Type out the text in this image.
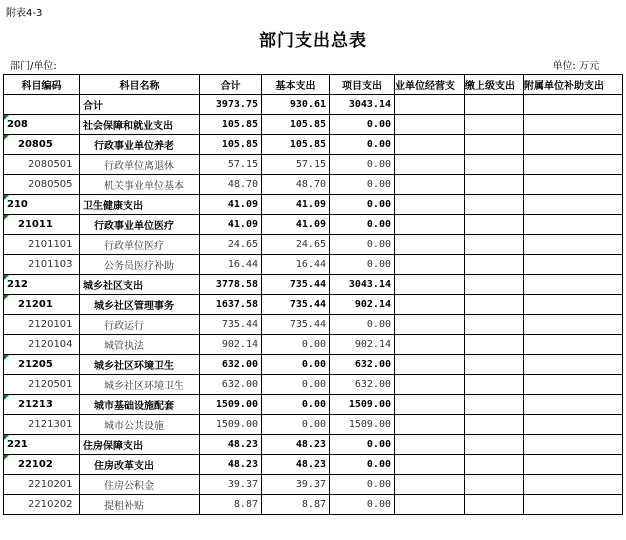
附表4-3
部门支出总表
部门/单位:	单位: 万元
科目编码	科目名称	合计	基本支出	项目支出	业单位经营支	缴上级支出	附属单位补助支出
	合计	3973.75	930.61	3043.14			

208	社会保障和就业支出	105.85	105.85	0.00			

20805	行政事业单位养老	105.85	105.85	0.00			
2080501	行政单位离退休	57.15	57.15	0.00			
2080505	机关事业单位基本	48.70	48.70	0.00			

210	卫生健康支出	41.09	41.09	0.00			

21011	行政事业单位医疗	41.09	41.09	0.00			
2101101	行政单位医疗	24.65	24.65	0.00			
2101103	公务员医疗补助	16.44	16.44	0.00			

212	城乡社区支出	3778.58	735.44	3043.14			

21201	城乡社区管理事务	1637.58	735.44	902.14			
2120101	行政运行	735.44	735.44	0.00			
2120104	城管执法	902.14	0.00	902.14			

21205	城乡社区环境卫生	632.00	0.00	632.00			
2120501	城乡社区环境卫生	632.00	0.00	632.00			

21213	城市基础设施配套	1509.00	0.00	1509.00			
2121301	城市公共设施	1509.00	0.00	1509.00			

221	住房保障支出	48.23	48.23	0.00			

22102	住房改革支出	48.23	48.23	0.00			
2210201	住房公积金	39.37	39.37	0.00			
2210202	提租补贴	8.87	8.87	0.00			
